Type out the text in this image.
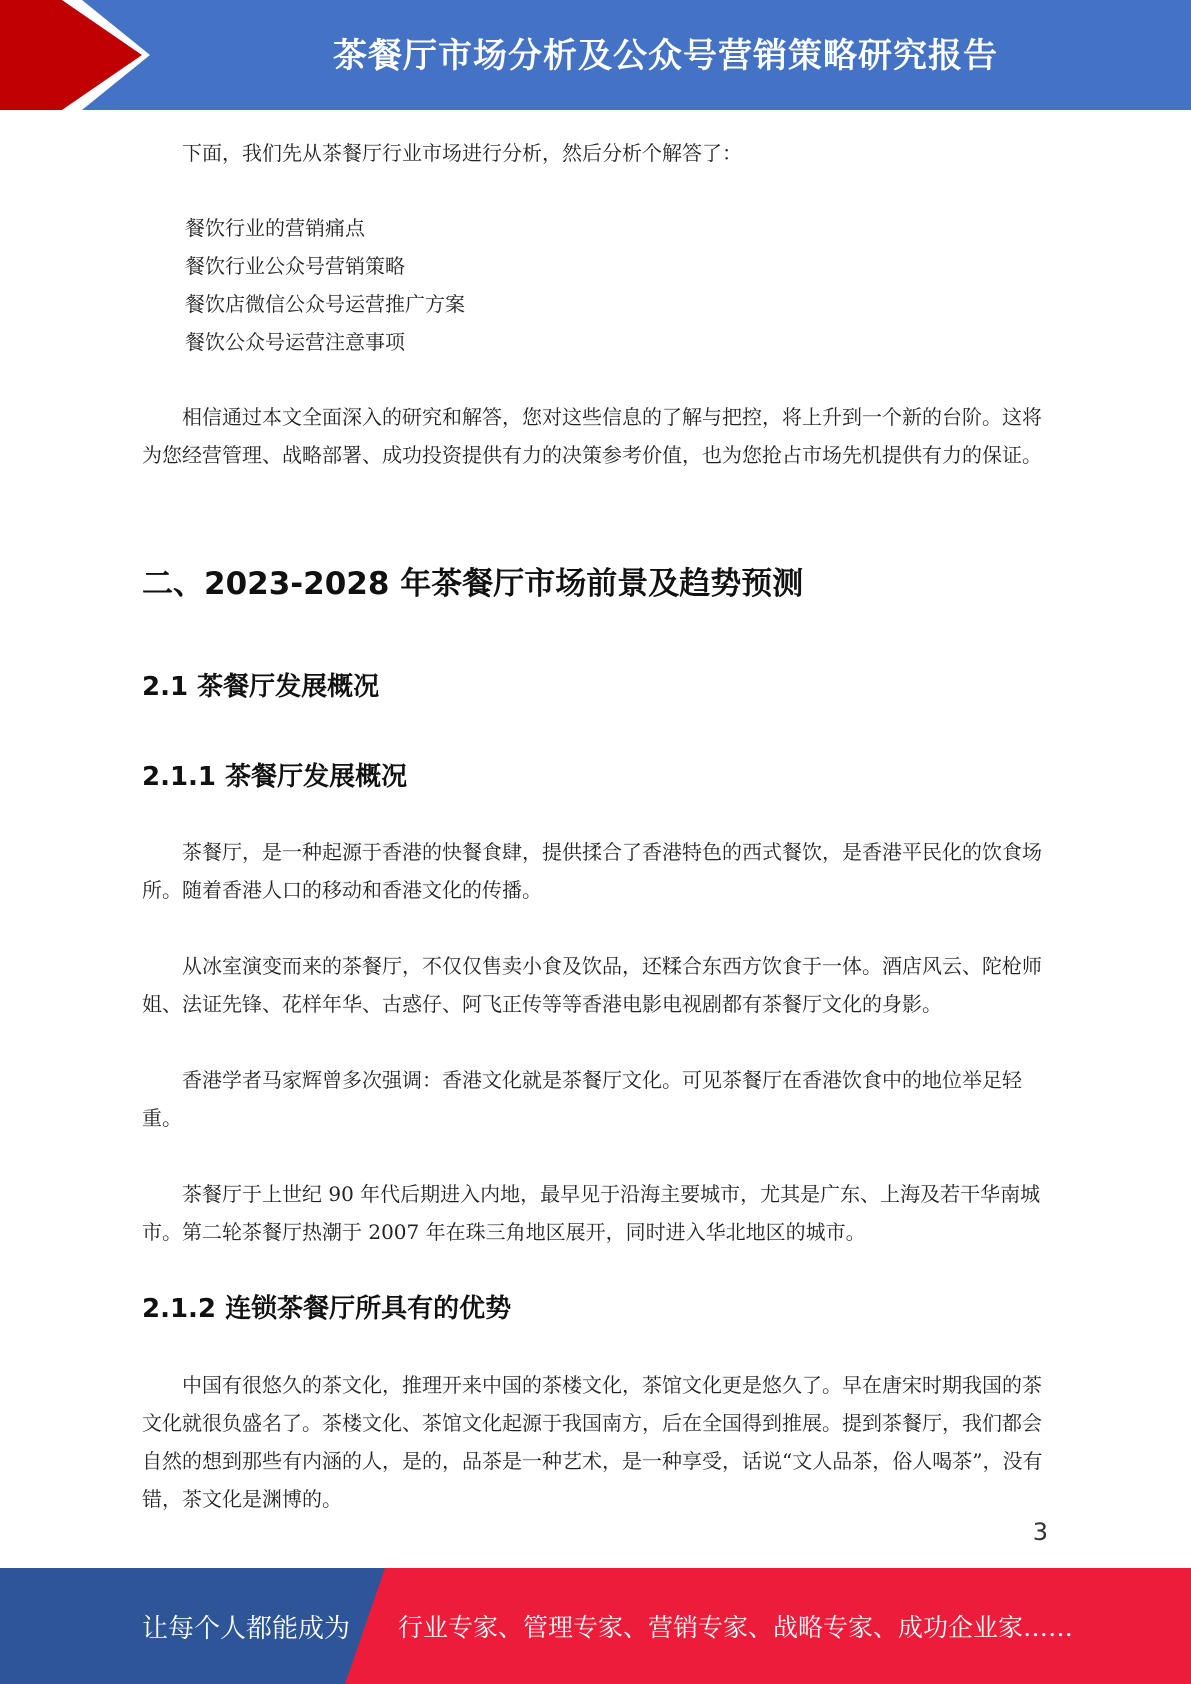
茶餐厅市场分析及公众号营销策略研究报告

下面，我们先从茶餐厅行业市场进行分析，然后分析个解答了：

餐饮行业的营销痛点

餐饮行业公众号营销策略

餐饮店微信公众号运营推广方案

餐饮公众号运营注意事项

相信通过本文全面深入的研究和解答，您对这些信息的了解与把控，将上升到一个新的台阶。这将为您经营管理、战略部署、成功投资提供有力的决策参考价值，也为您抢占市场先机提供有力的保证。

二、2023-2028 年茶餐厅市场前景及趋势预测
2.1 茶餐厅发展概况
2.1.1 茶餐厅发展概况

茶餐厅，是一种起源于香港的快餐食肆，提供揉合了香港特色的西式餐饮，是香港平民化的饮食场所。随着香港人口的移动和香港文化的传播。

从冰室演变而来的茶餐厅，不仅仅售卖小食及饮品，还糅合东西方饮食于一体。酒店风云、陀枪师姐、法证先锋、花样年华、古惑仔、阿飞正传等等香港电影电视剧都有茶餐厅文化的身影。

香港学者马家辉曾多次强调：香港文化就是茶餐厅文化。可见茶餐厅在香港饮食中的地位举足轻重。

茶餐厅于上世纪 90 年代后期进入内地，最早见于沿海主要城市，尤其是广东、上海及若干华南城市。第二轮茶餐厅热潮于 2007 年在珠三角地区展开，同时进入华北地区的城市。

2.1.2 连锁茶餐厅所具有的优势

中国有很悠久的茶文化，推理开来中国的茶楼文化，茶馆文化更是悠久了。早在唐宋时期我国的茶文化就很负盛名了。茶楼文化、茶馆文化起源于我国南方，后在全国得到推展。提到茶餐厅，我们都会自然的想到那些有内涵的人，是的，品茶是一种艺术，是一种享受，话说“文人品茶，俗人喝茶”，没有错，茶文化是渊博的。

3
让每个人都能成为 行业专家、管理专家、营销专家、战略专家、成功企业家……
